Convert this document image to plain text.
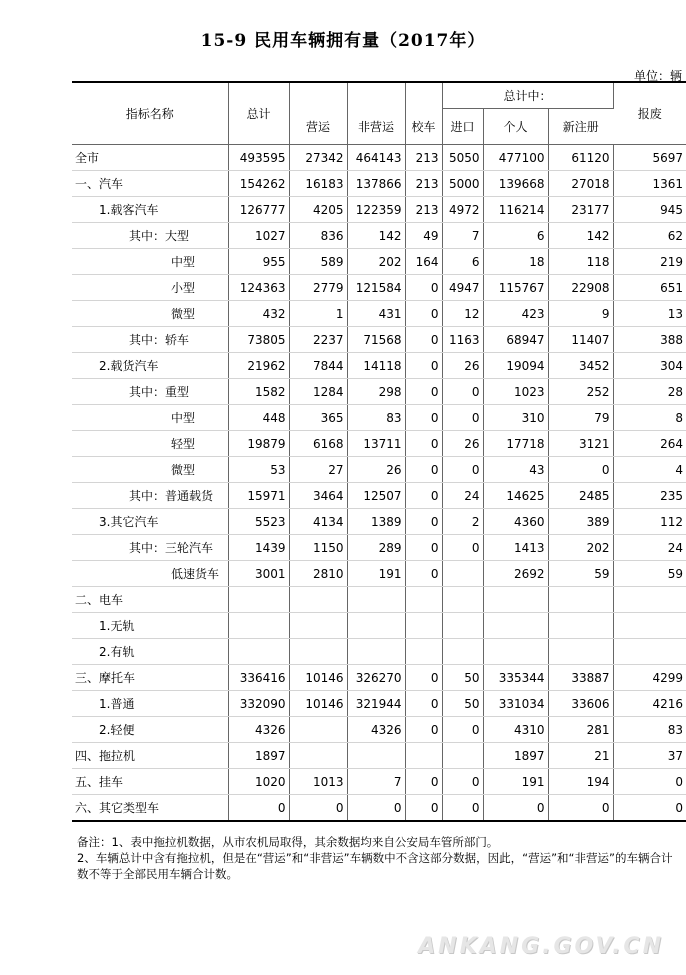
15-9 民用车辆拥有量（2017年）
单位：辆
指标名称	总计				总计中：			报废
		营运	非营运	校车	进口	个人	新注册	
全市	493595	27342	464143	213	5050	477100	61120	5697
一、汽车	154262	16183	137866	213	5000	139668	27018	1361
1.载客汽车	126777	4205	122359	213	4972	116214	23177	945
其中：大型	1027	836	142	49	7	6	142	62
中型	955	589	202	164	6	18	118	219
小型	124363	2779	121584	0	4947	115767	22908	651
微型	432	1	431	0	12	423	9	13
其中：轿车	73805	2237	71568	0	1163	68947	11407	388
2.载货汽车	21962	7844	14118	0	26	19094	3452	304
其中：重型	1582	1284	298	0	0	1023	252	28
中型	448	365	83	0	0	310	79	8
轻型	19879	6168	13711	0	26	17718	3121	264
微型	53	27	26	0	0	43	0	4
其中：普通载货	15971	3464	12507	0	24	14625	2485	235
3.其它汽车	5523	4134	1389	0	2	4360	389	112
其中：三轮汽车	1439	1150	289	0	0	1413	202	24
低速货车	3001	2810	191	0		2692	59	59
二、电车								
1.无轨								
2.有轨								
三、摩托车	336416	10146	326270	0	50	335344	33887	4299
1.普通	332090	10146	321944	0	50	331034	33606	4216
2.轻便	4326		4326	0	0	4310	281	83
四、拖拉机	1897					1897	21	37
五、挂车	1020	1013	7	0	0	191	194	0
六、其它类型车	0	0	0	0	0	0	0	0
备注：1、表中拖拉机数据，从市农机局取得，其余数据均来自公安局车管所部门。
2、车辆总计中含有拖拉机，但是在“营运”和“非营运”车辆数中不含这部分数据，因此，“营运”和“非营运”的车辆合计数不等于全部民用车辆合计数。
ANKANG.GOV.CN
